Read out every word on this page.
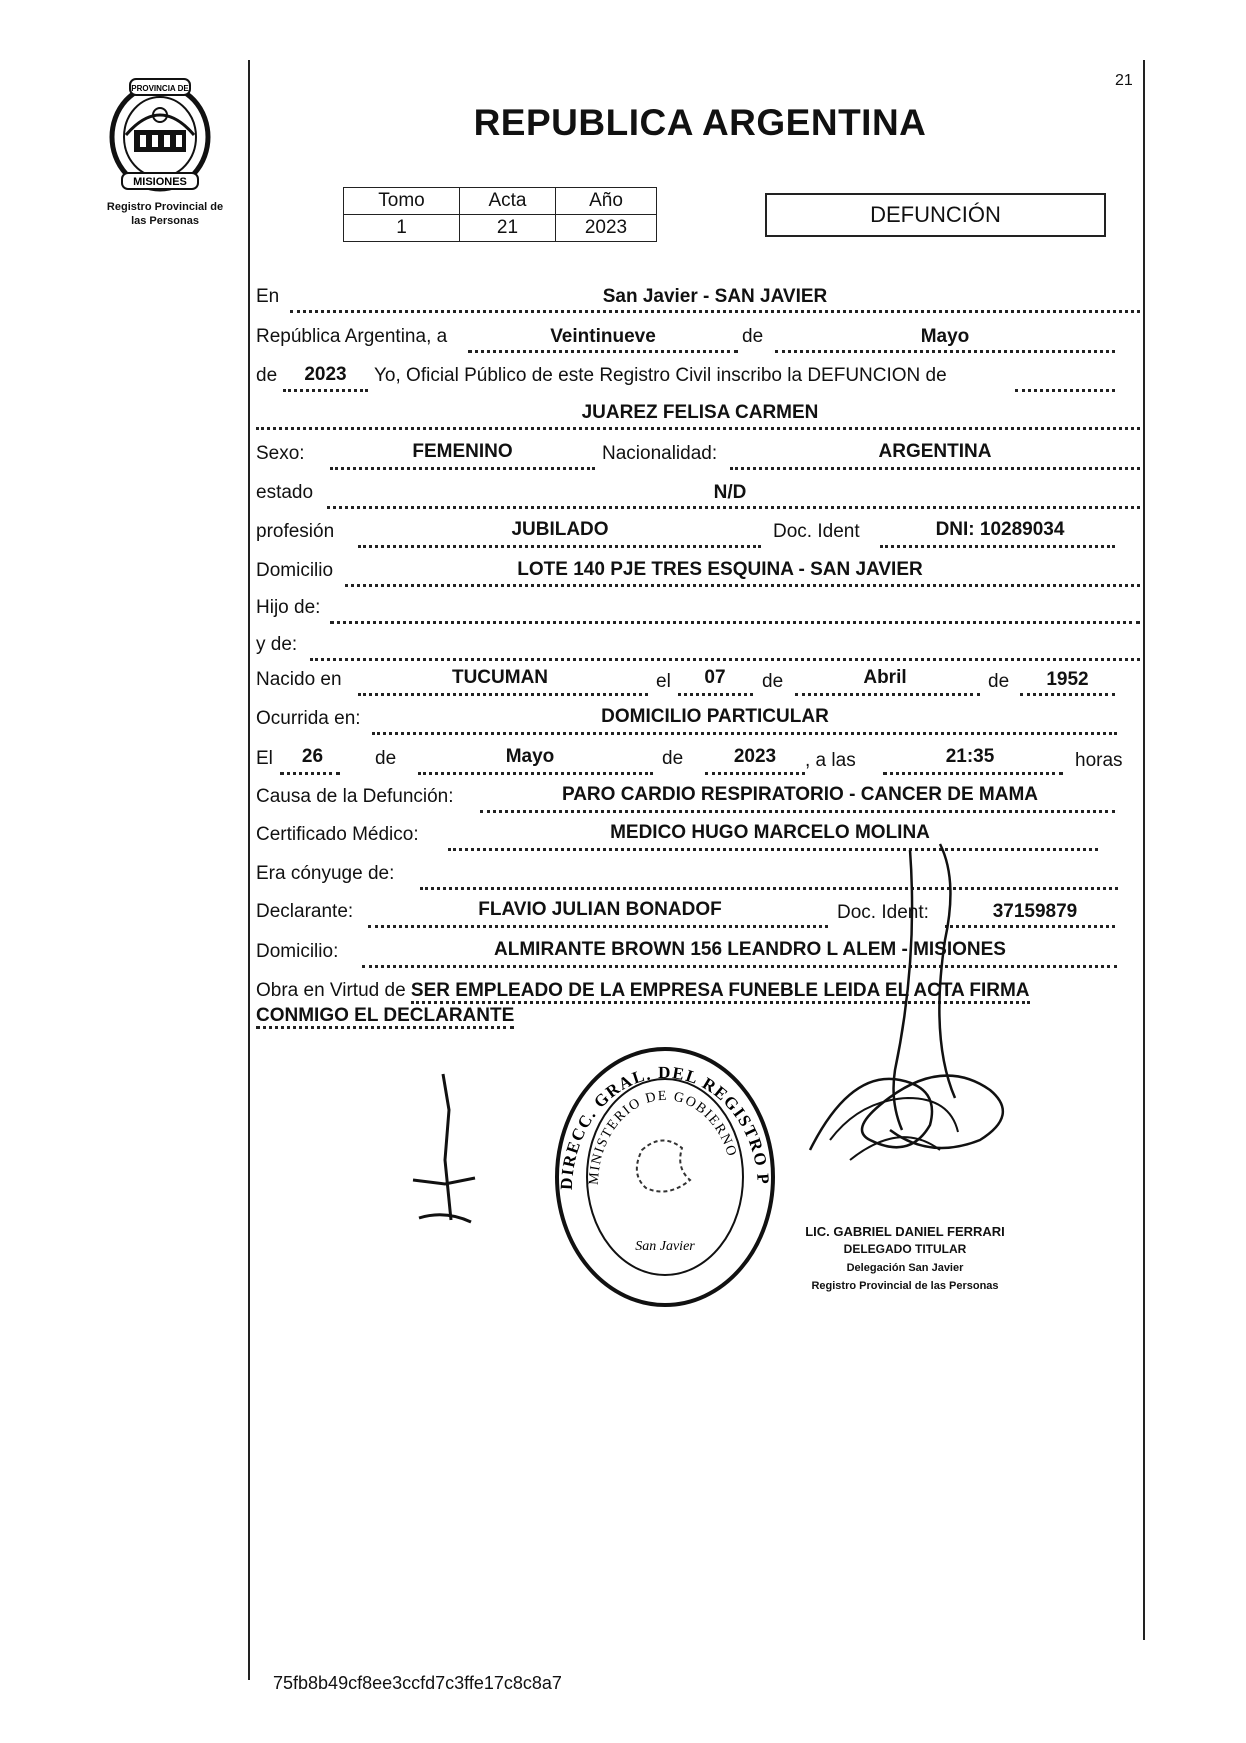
PROVINCIA DE
MISIONES
Registro Provincial de
las Personas
21
REPUBLICA ARGENTINA
Tomo	Acta	Año
1	21	2023
DEFUNCIÓN
En	San Javier - SAN JAVIER
República Argentina, a	Veintinueve	de	Mayo
de	2023	Yo, Oficial Público de este Registro Civil inscribo la DEFUNCION de
JUAREZ FELISA CARMEN
Sexo:	FEMENINO	Nacionalidad:	ARGENTINA
estado	N/D
profesión	JUBILADO	Doc. Ident	DNI: 10289034
Domicilio	LOTE 140 PJE TRES ESQUINA - SAN JAVIER
Hijo de:
y de:
Nacido en	TUCUMAN	el	07	de	Abril	de	1952
Ocurrida en:	DOMICILIO PARTICULAR
El	26	de	Mayo	de	2023	, a las	21:35	horas
Causa de la Defunción:	PARO CARDIO RESPIRATORIO - CANCER DE MAMA
Certificado Médico:	MEDICO HUGO MARCELO MOLINA
Era cónyuge de:
Declarante:	FLAVIO JULIAN BONADOF	Doc. Ident:	37159879
Domicilio:	ALMIRANTE BROWN 156 LEANDRO L ALEM - MISIONES
Obra en Virtud de SER EMPLEADO DE LA EMPRESA FUNEBLE LEIDA EL ACTA FIRMA
CONMIGO EL DECLARANTE
DIRECC. GRAL. DEL REGISTRO P
MINISTERIO DE GOBIERNO
San Javier
LIC. GABRIEL DANIEL FERRARI
DELEGADO TITULAR
Delegación San Javier
Registro Provincial de las Personas
75fb8b49cf8ee3ccfd7c3ffe17c8c8a7
